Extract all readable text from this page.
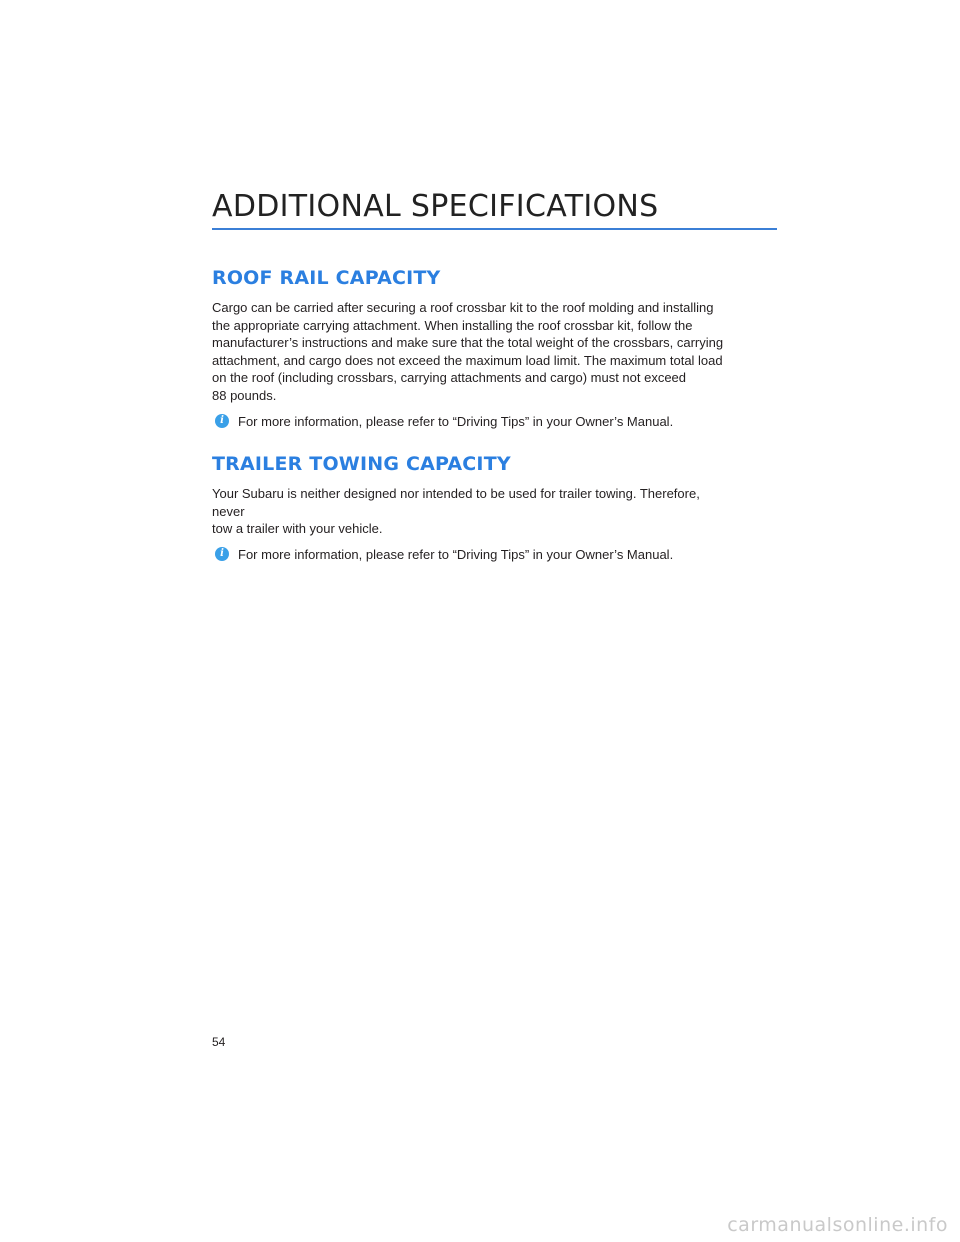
ADDITIONAL SPECIFICATIONS
ROOF RAIL CAPACITY

Cargo can be carried after securing a roof crossbar kit to the roof molding and installing
the appropriate carrying attachment. When installing the roof crossbar kit, follow the
manufacturer’s instructions and make sure that the total weight of the crossbars, carrying
attachment, and cargo does not exceed the maximum load limit. The maximum total load
on the roof (including crossbars, carrying attachments and cargo) must not exceed
88 pounds.

i	For more information, please refer to “Driving Tips” in your Owner’s Manual.
TRAILER TOWING CAPACITY

Your Subaru is neither designed nor intended to be used for trailer towing. Therefore, never
tow a trailer with your vehicle.

i	For more information, please refer to “Driving Tips” in your Owner’s Manual.
54
carmanualsonline.info
